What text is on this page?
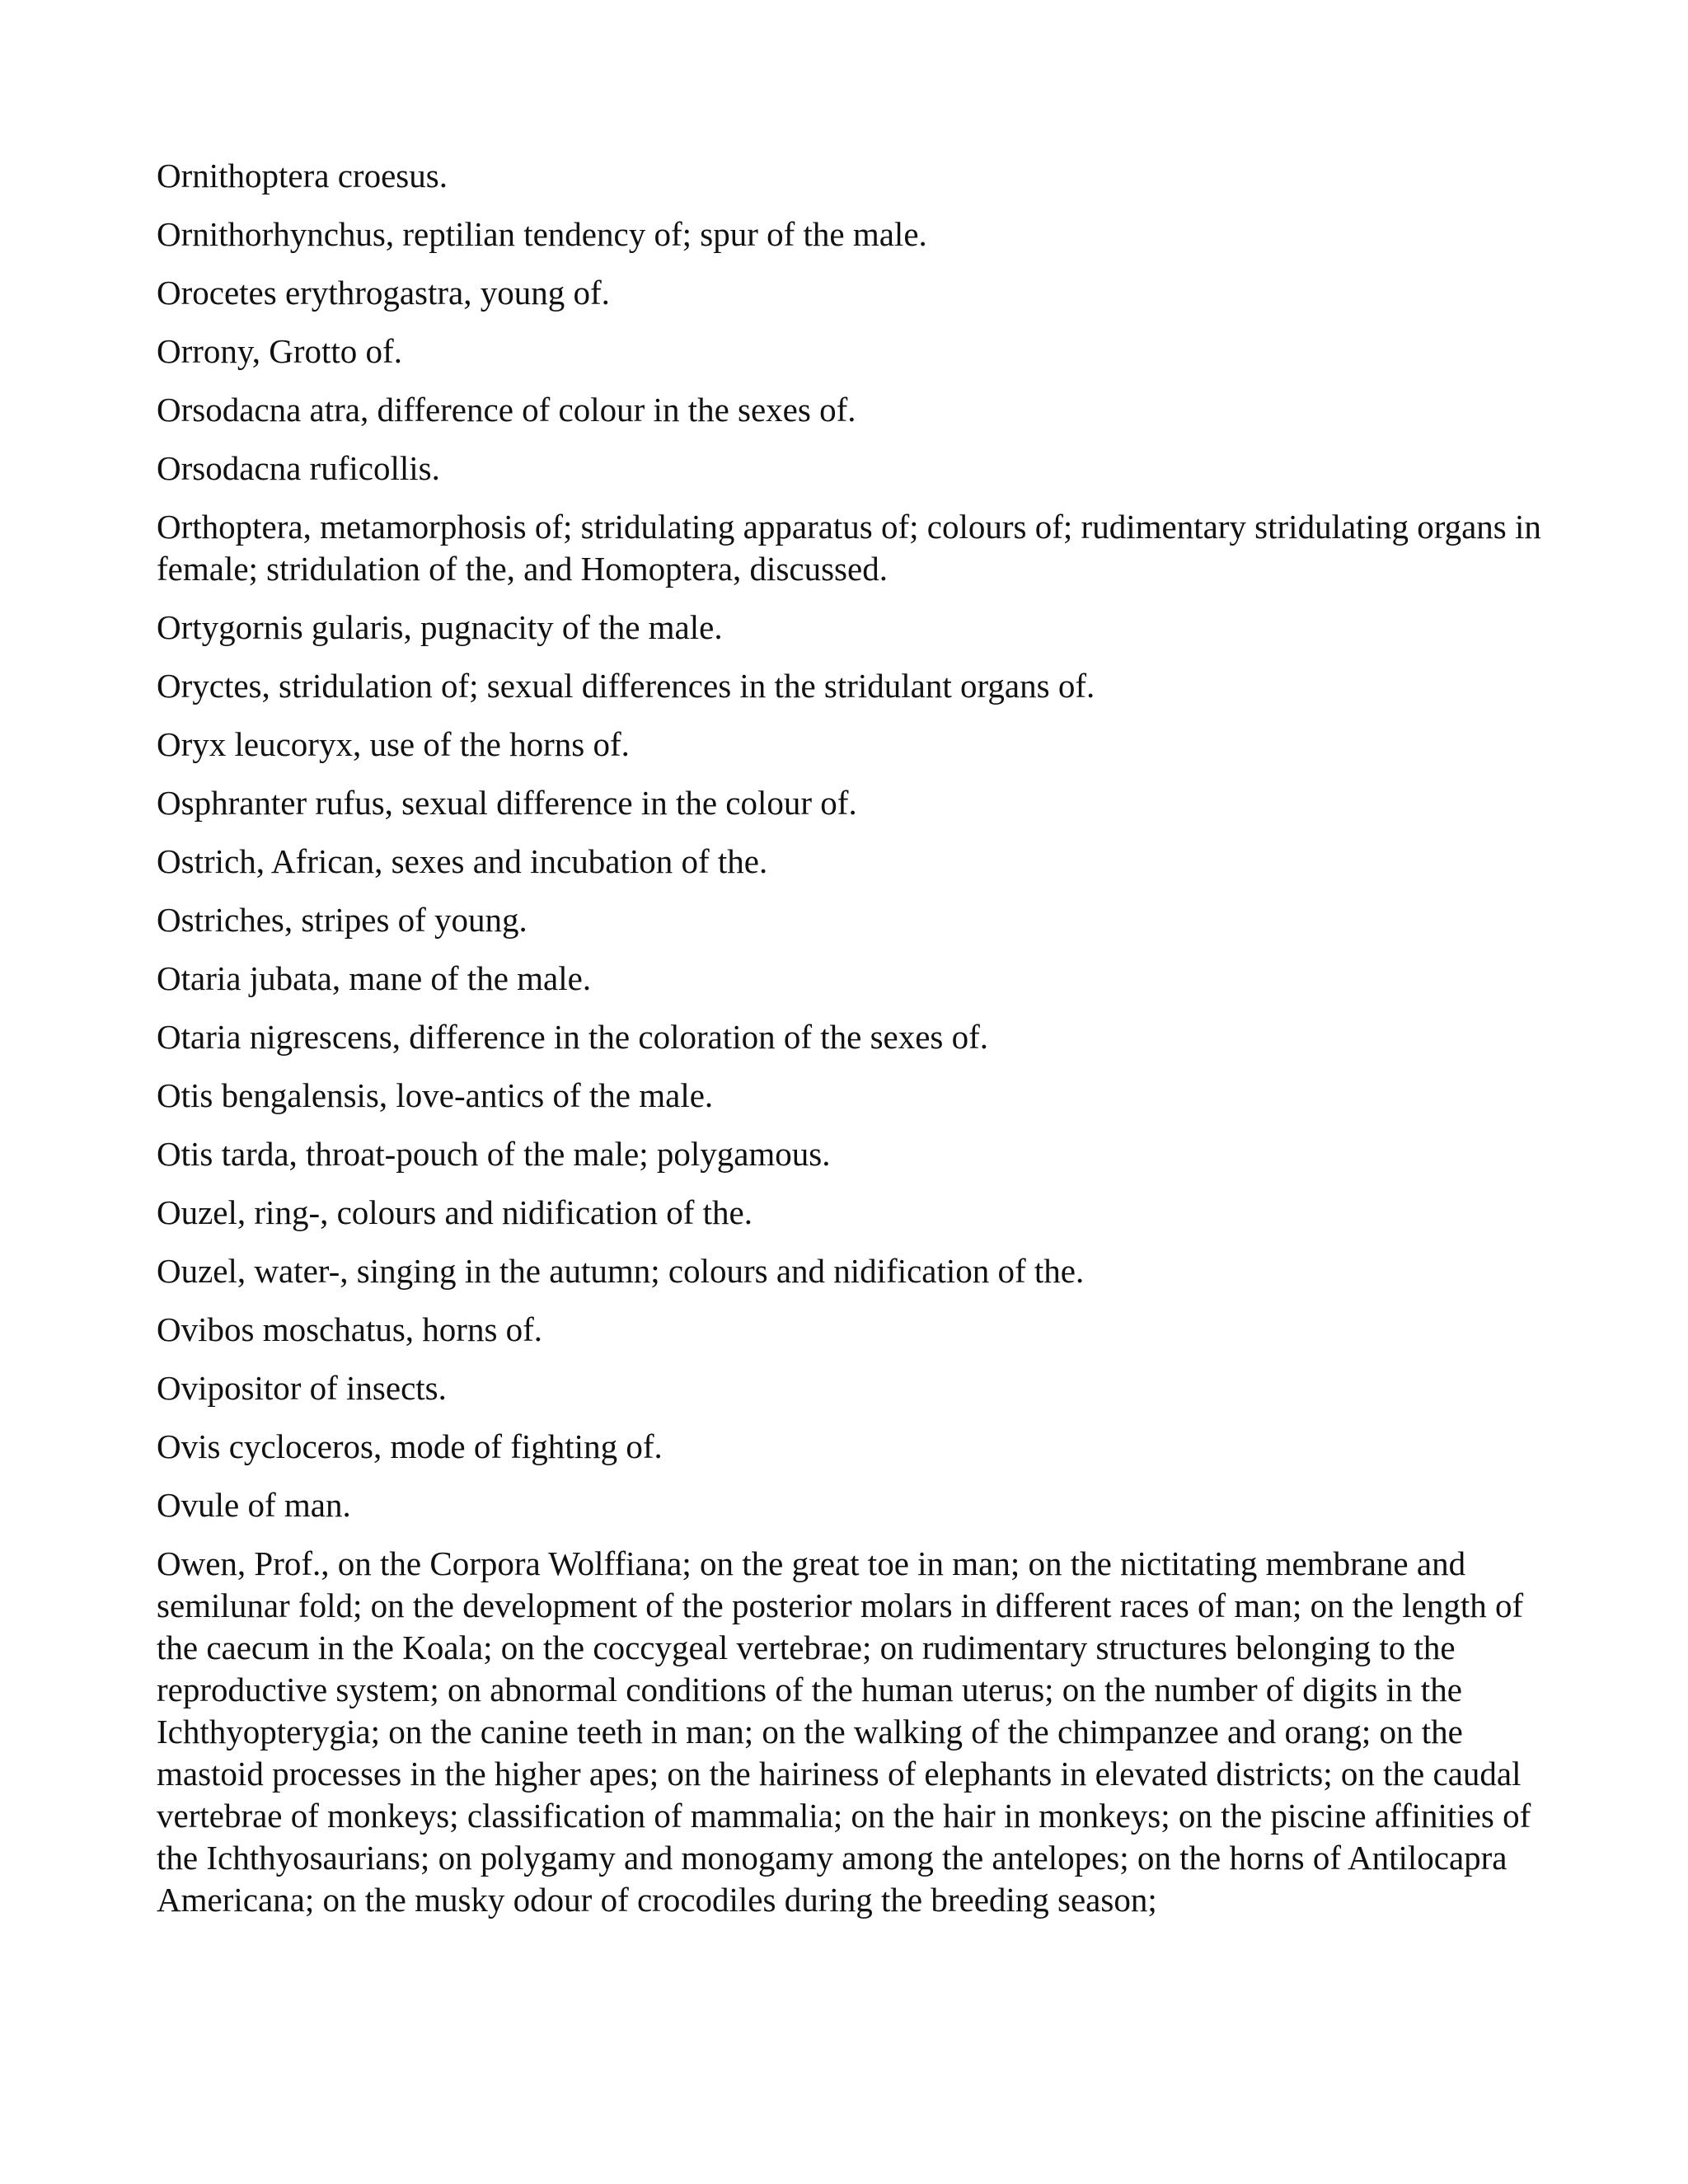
Ornithoptera croesus.
Ornithorhynchus, reptilian tendency of; spur of the male.
Orocetes erythrogastra, young of.
Orrony, Grotto of.
Orsodacna atra, difference of colour in the sexes of.
Orsodacna ruficollis.
Orthoptera, metamorphosis of; stridulating apparatus of; colours of; rudimentary stridulating organs in female; stridulation of the, and Homoptera, discussed.
Ortygornis gularis, pugnacity of the male.
Oryctes, stridulation of; sexual differences in the stridulant organs of.
Oryx leucoryx, use of the horns of.
Osphranter rufus, sexual difference in the colour of.
Ostrich, African, sexes and incubation of the.
Ostriches, stripes of young.
Otaria jubata, mane of the male.
Otaria nigrescens, difference in the coloration of the sexes of.
Otis bengalensis, love-antics of the male.
Otis tarda, throat-pouch of the male; polygamous.
Ouzel, ring-, colours and nidification of the.
Ouzel, water-, singing in the autumn; colours and nidification of the.
Ovibos moschatus, horns of.
Ovipositor of insects.
Ovis cycloceros, mode of fighting of.
Ovule of man.
Owen, Prof., on the Corpora Wolffiana; on the great toe in man; on the nictitating membrane and semilunar fold; on the development of the posterior molars in different races of man; on the length of the caecum in the Koala; on the coccygeal vertebrae; on rudimentary structures belonging to the reproductive system; on abnormal conditions of the human uterus; on the number of digits in the Ichthyopterygia; on the canine teeth in man; on the walking of the chimpanzee and orang; on the mastoid processes in the higher apes; on the hairiness of elephants in elevated districts; on the caudal vertebrae of monkeys; classification of mammalia; on the hair in monkeys; on the piscine affinities of the Ichthyosaurians; on polygamy and monogamy among the antelopes; on the horns of Antilocapra Americana; on the musky odour of crocodiles during the breeding season;
